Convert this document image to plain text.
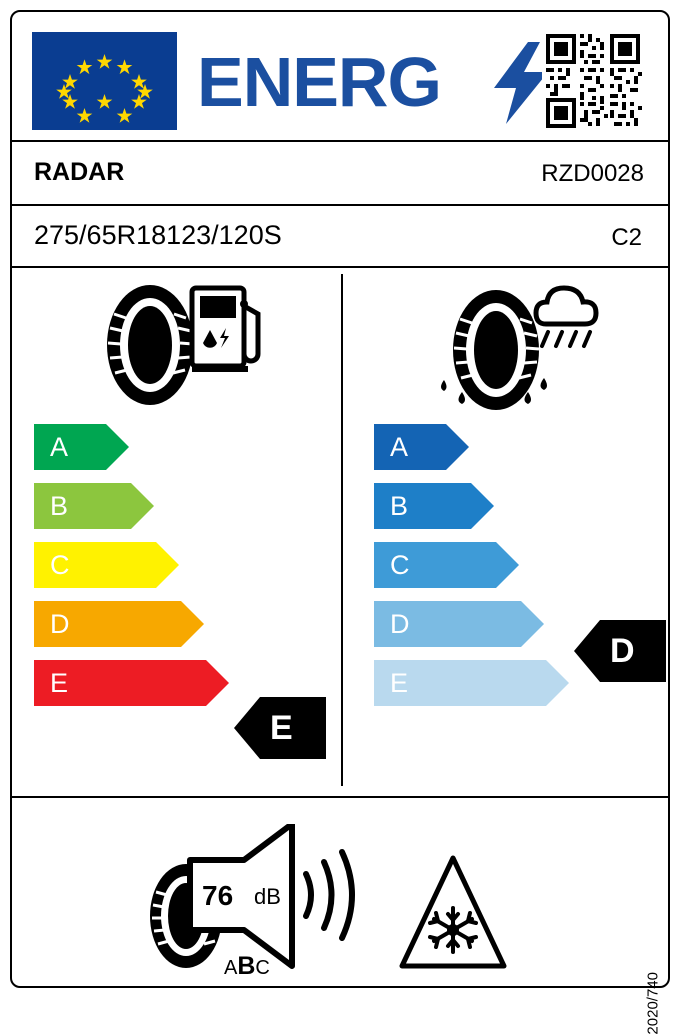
ENERG
RADAR	RZD0028
275/65R18123/120S	C2
A
B
C
D
E
A
B
C
D
E
E
D
76 dB
ABC
2020/740
